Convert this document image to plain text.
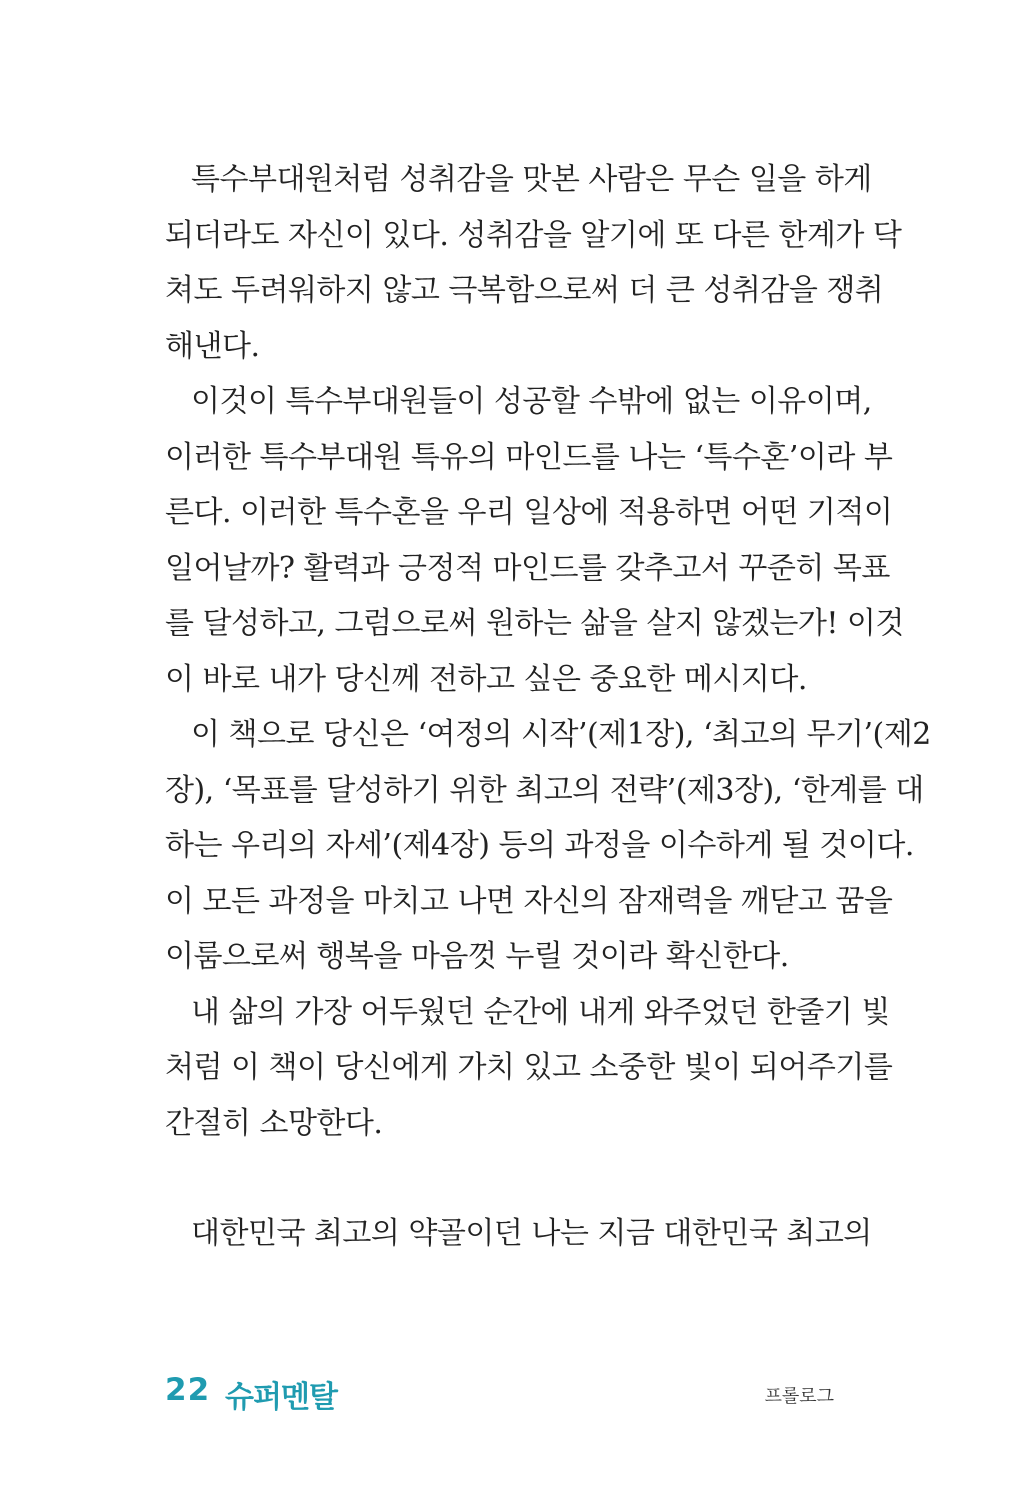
특수부대원처럼 성취감을 맛본 사람은 무슨 일을 하게
되더라도 자신이 있다. 성취감을 알기에 또 다른 한계가 닥
쳐도 두려워하지 않고 극복함으로써 더 큰 성취감을 쟁취
해낸다.
이것이 특수부대원들이 성공할 수밖에 없는 이유이며,
이러한 특수부대원 특유의 마인드를 나는 ‘특수혼’이라 부
른다. 이러한 특수혼을 우리 일상에 적용하면 어떤 기적이
일어날까? 활력과 긍정적 마인드를 갖추고서 꾸준히 목표
를 달성하고, 그럼으로써 원하는 삶을 살지 않겠는가! 이것
이 바로 내가 당신께 전하고 싶은 중요한 메시지다.
이 책으로 당신은 ‘여정의 시작’(제1장), ‘최고의 무기’(제2
장), ‘목표를 달성하기 위한 최고의 전략’(제3장), ‘한계를 대
하는 우리의 자세’(제4장) 등의 과정을 이수하게 될 것이다.
이 모든 과정을 마치고 나면 자신의 잠재력을 깨닫고 꿈을
이룸으로써 행복을 마음껏 누릴 것이라 확신한다.
내 삶의 가장 어두웠던 순간에 내게 와주었던 한줄기 빛
처럼 이 책이 당신에게 가치 있고 소중한 빛이 되어주기를
간절히 소망한다.
대한민국 최고의 약골이던 나는 지금 대한민국 최고의
22 슈퍼멘탈	프롤로그
